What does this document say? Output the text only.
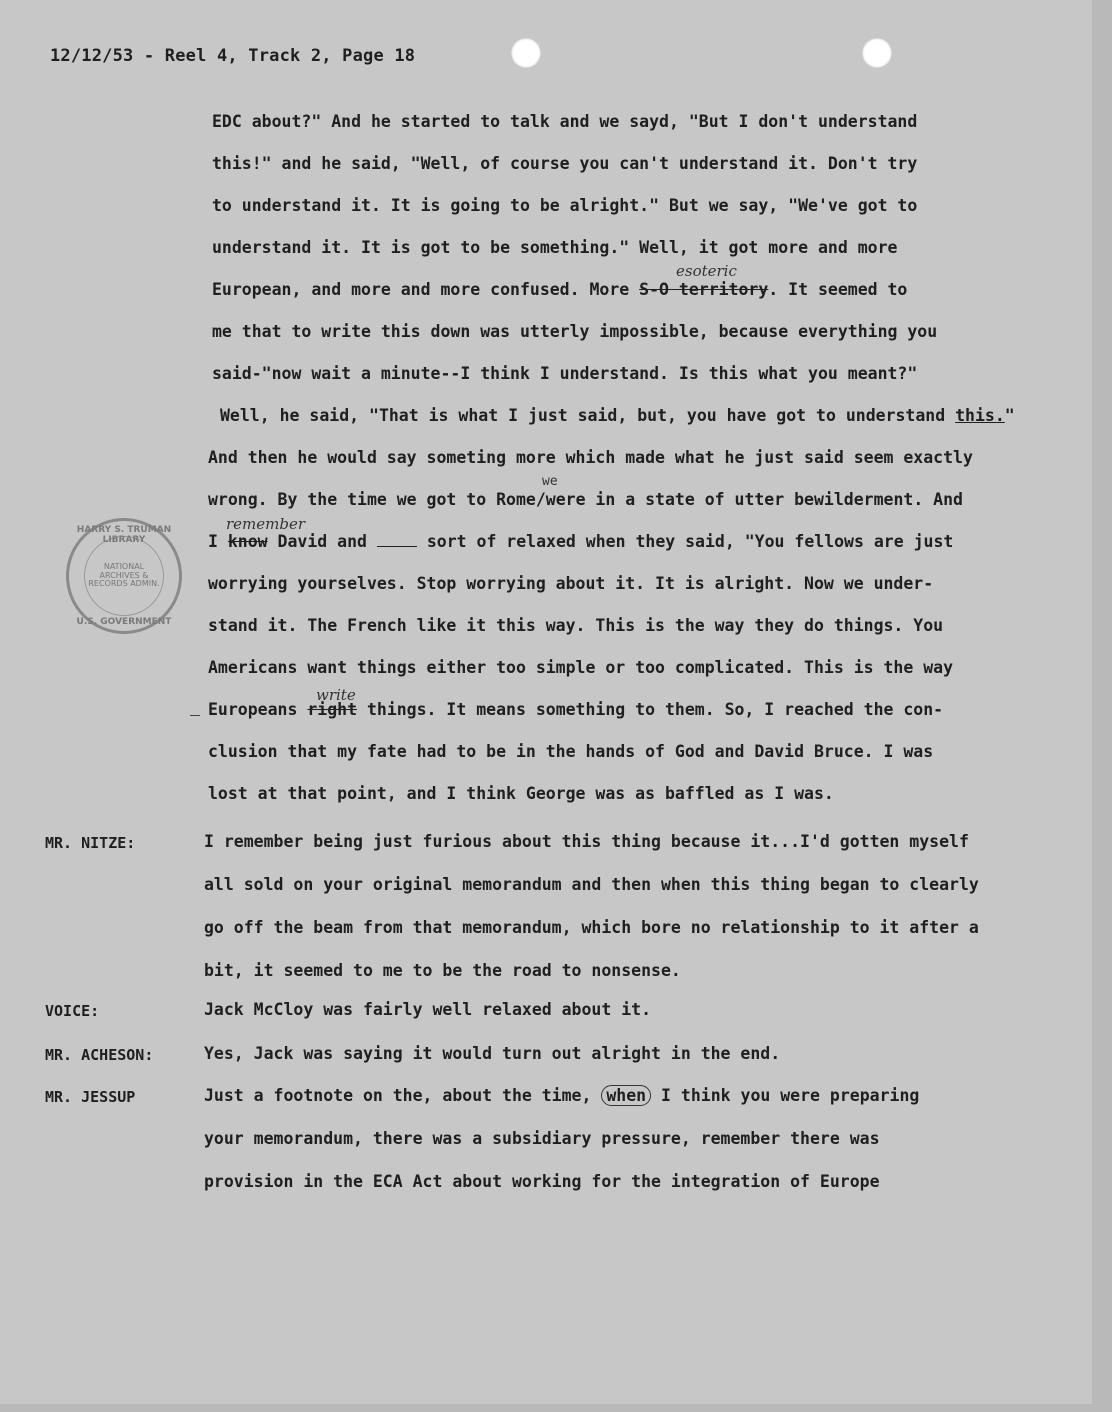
12/12/53 - Reel 4, Track 2, Page 18
HARRY S. TRUMAN LIBRARY
NATIONAL ARCHIVES & RECORDS ADMIN.
U.S. GOVERNMENT
esoteric
we
remember
write
EDC about?" And he started to talk and we sayd, "But I don't understand
this!" and he said, "Well, of course you can't understand it. Don't try
to understand it. It is going to be alright." But we say, "We've got to
understand it. It is got to be something." Well, it got more and more
European, and more and more confused. More S-O territory. It seemed to
me that to write this down was utterly impossible, because everything you
said-"now wait a minute--I think I understand. Is this what you meant?"
Well, he said, "That is what I just said, but, you have got to understand this."
And then he would say someting more which made what he just said seem exactly
wrong. By the time we got to Rome/were in a state of utter bewilderment. And
I know David and  sort of relaxed when they said, "You fellows are just
worrying yourselves. Stop worrying about it. It is alright. Now we under-
stand it. The French like it this way. This is the way they do things. You
Americans want things either too simple or too complicated. This is the way
Europeans right things. It means something to them. So, I reached the con-
clusion that my fate had to be in the hands of God and David Bruce. I was
lost at that point, and I think George was as baffled as I was.
MR. NITZE:	I remember being just furious about this thing because it...I'd gotten myself
all sold on your original memorandum and then when this thing began to clearly
go off the beam from that memorandum, which bore no relationship to it after a
bit, it seemed to me to be the road to nonsense.
VOICE:	Jack McCloy was fairly well relaxed about it.
MR. ACHESON:	Yes, Jack was saying it would turn out alright in the end.
MR. JESSUP	Just a footnote on the, about the time, when I think you were preparing
your memorandum, there was a subsidiary pressure, remember there was
provision in the ECA Act about working for the integration of Europe
